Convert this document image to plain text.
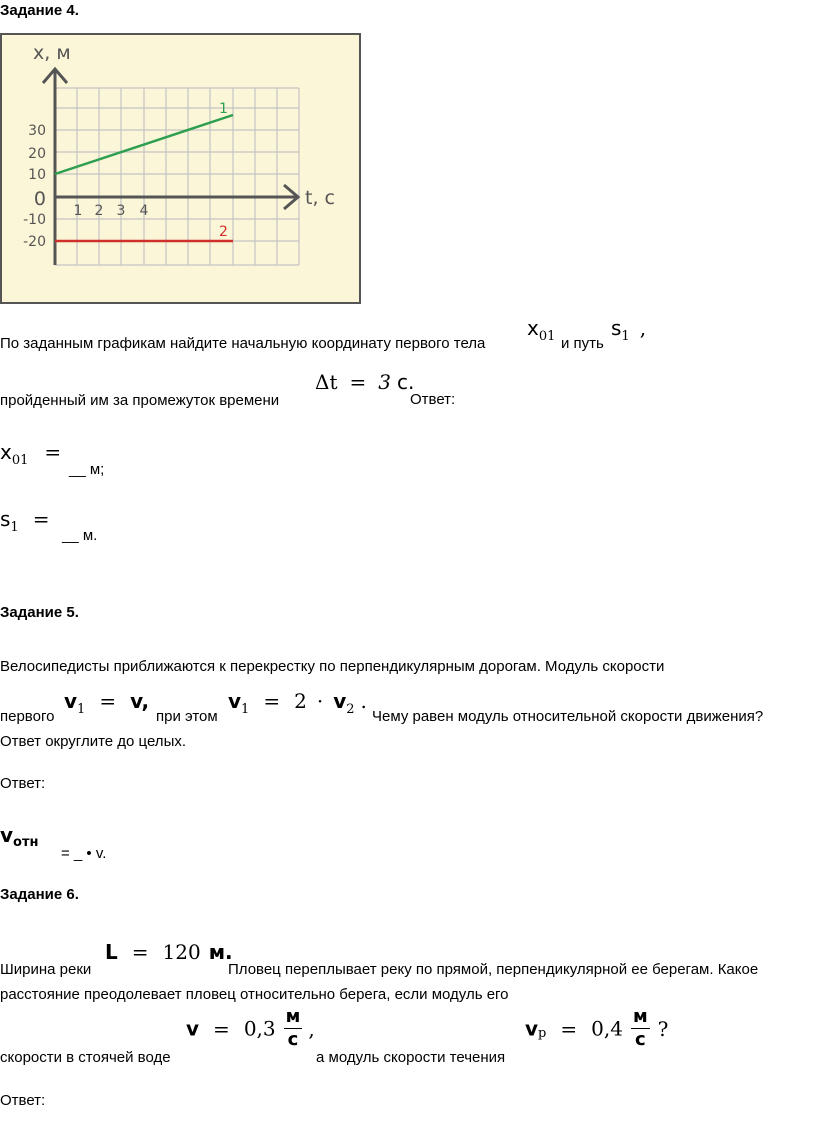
Задание 4.
x, м
t, с
30
20
10
0
-10
-20
1 2 3 4
1
2
По заданным графикам найдите начальную координату первого тела
x01 и путь
s1 ,
пройденный им за промежуток времени
Δt = 3 с.
Ответ:
x01 =
__ м;
s1 =
__ м.
Задание 5.
Велосипедисты приближаются к перекрестку по перпендикулярным дорогам. Модуль скорости
первого
v1 = v,
при этом
v1 = 2 · v2 .
Чему равен модуль относительной скорости движения?
Ответ округлите до целых.
Ответ:
vотн
= _ • v.
Задание 6.
Ширина реки
L = 120 м.
Пловец переплывает реку по прямой, перпендикулярной ее берегам. Какое
расстояние преодолевает пловец относительно берега, если модуль его
скорости в стоячей воде
$v = 0,3 \frac{м}{с}$ ,
а модуль скорости течения
vр = $0,4 \frac{м}{с}$ ?
Ответ:
